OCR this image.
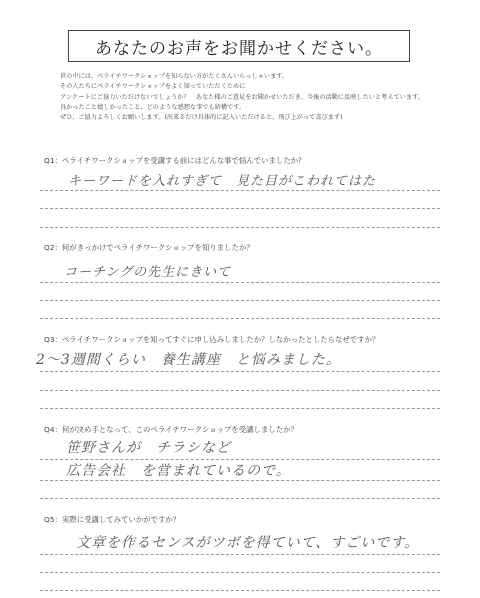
あなたのお声をお聞かせください。
世の中には、ペライチワークショップを知らない方がたくさんいらっしゃいます。
その人たちにペライチワークショップをよく知っていただくために
アンケートにご協力いただけないでしょうか？　あなた様のご意見をお聞かせいただき、今後の活動に反映したいと考えています。
良かったこと嬉しかったこと、どのような感想な事でも結構です。
ぜひ、ご協力よろしくお願いします。(出来るだけ具体的に記入いただけると、飛び上がって喜びます)
Q1：ペライチワークショップを受講する前にはどんな事で悩んでいましたか？
キーワードを入れすぎて　見た目がこわれてはた
Q2：何がきっかけでペライチワークショップを知りましたか？
コーチングの先生にきいて
Q3：ペライチワークショップを知ってすぐに申し込みしましたか？しなかったとしたらなぜですか？
2〜3週間くらい　養生講座　と悩みました。
Q4：何が決め手となって、このペライチワークショップを受講しましたか？
笹野さんが　チラシなど
広告会社　を営まれているので。
Q5：実際に受講してみていかがですか？
文章を作るセンスがツボを得ていて、すごいです。
